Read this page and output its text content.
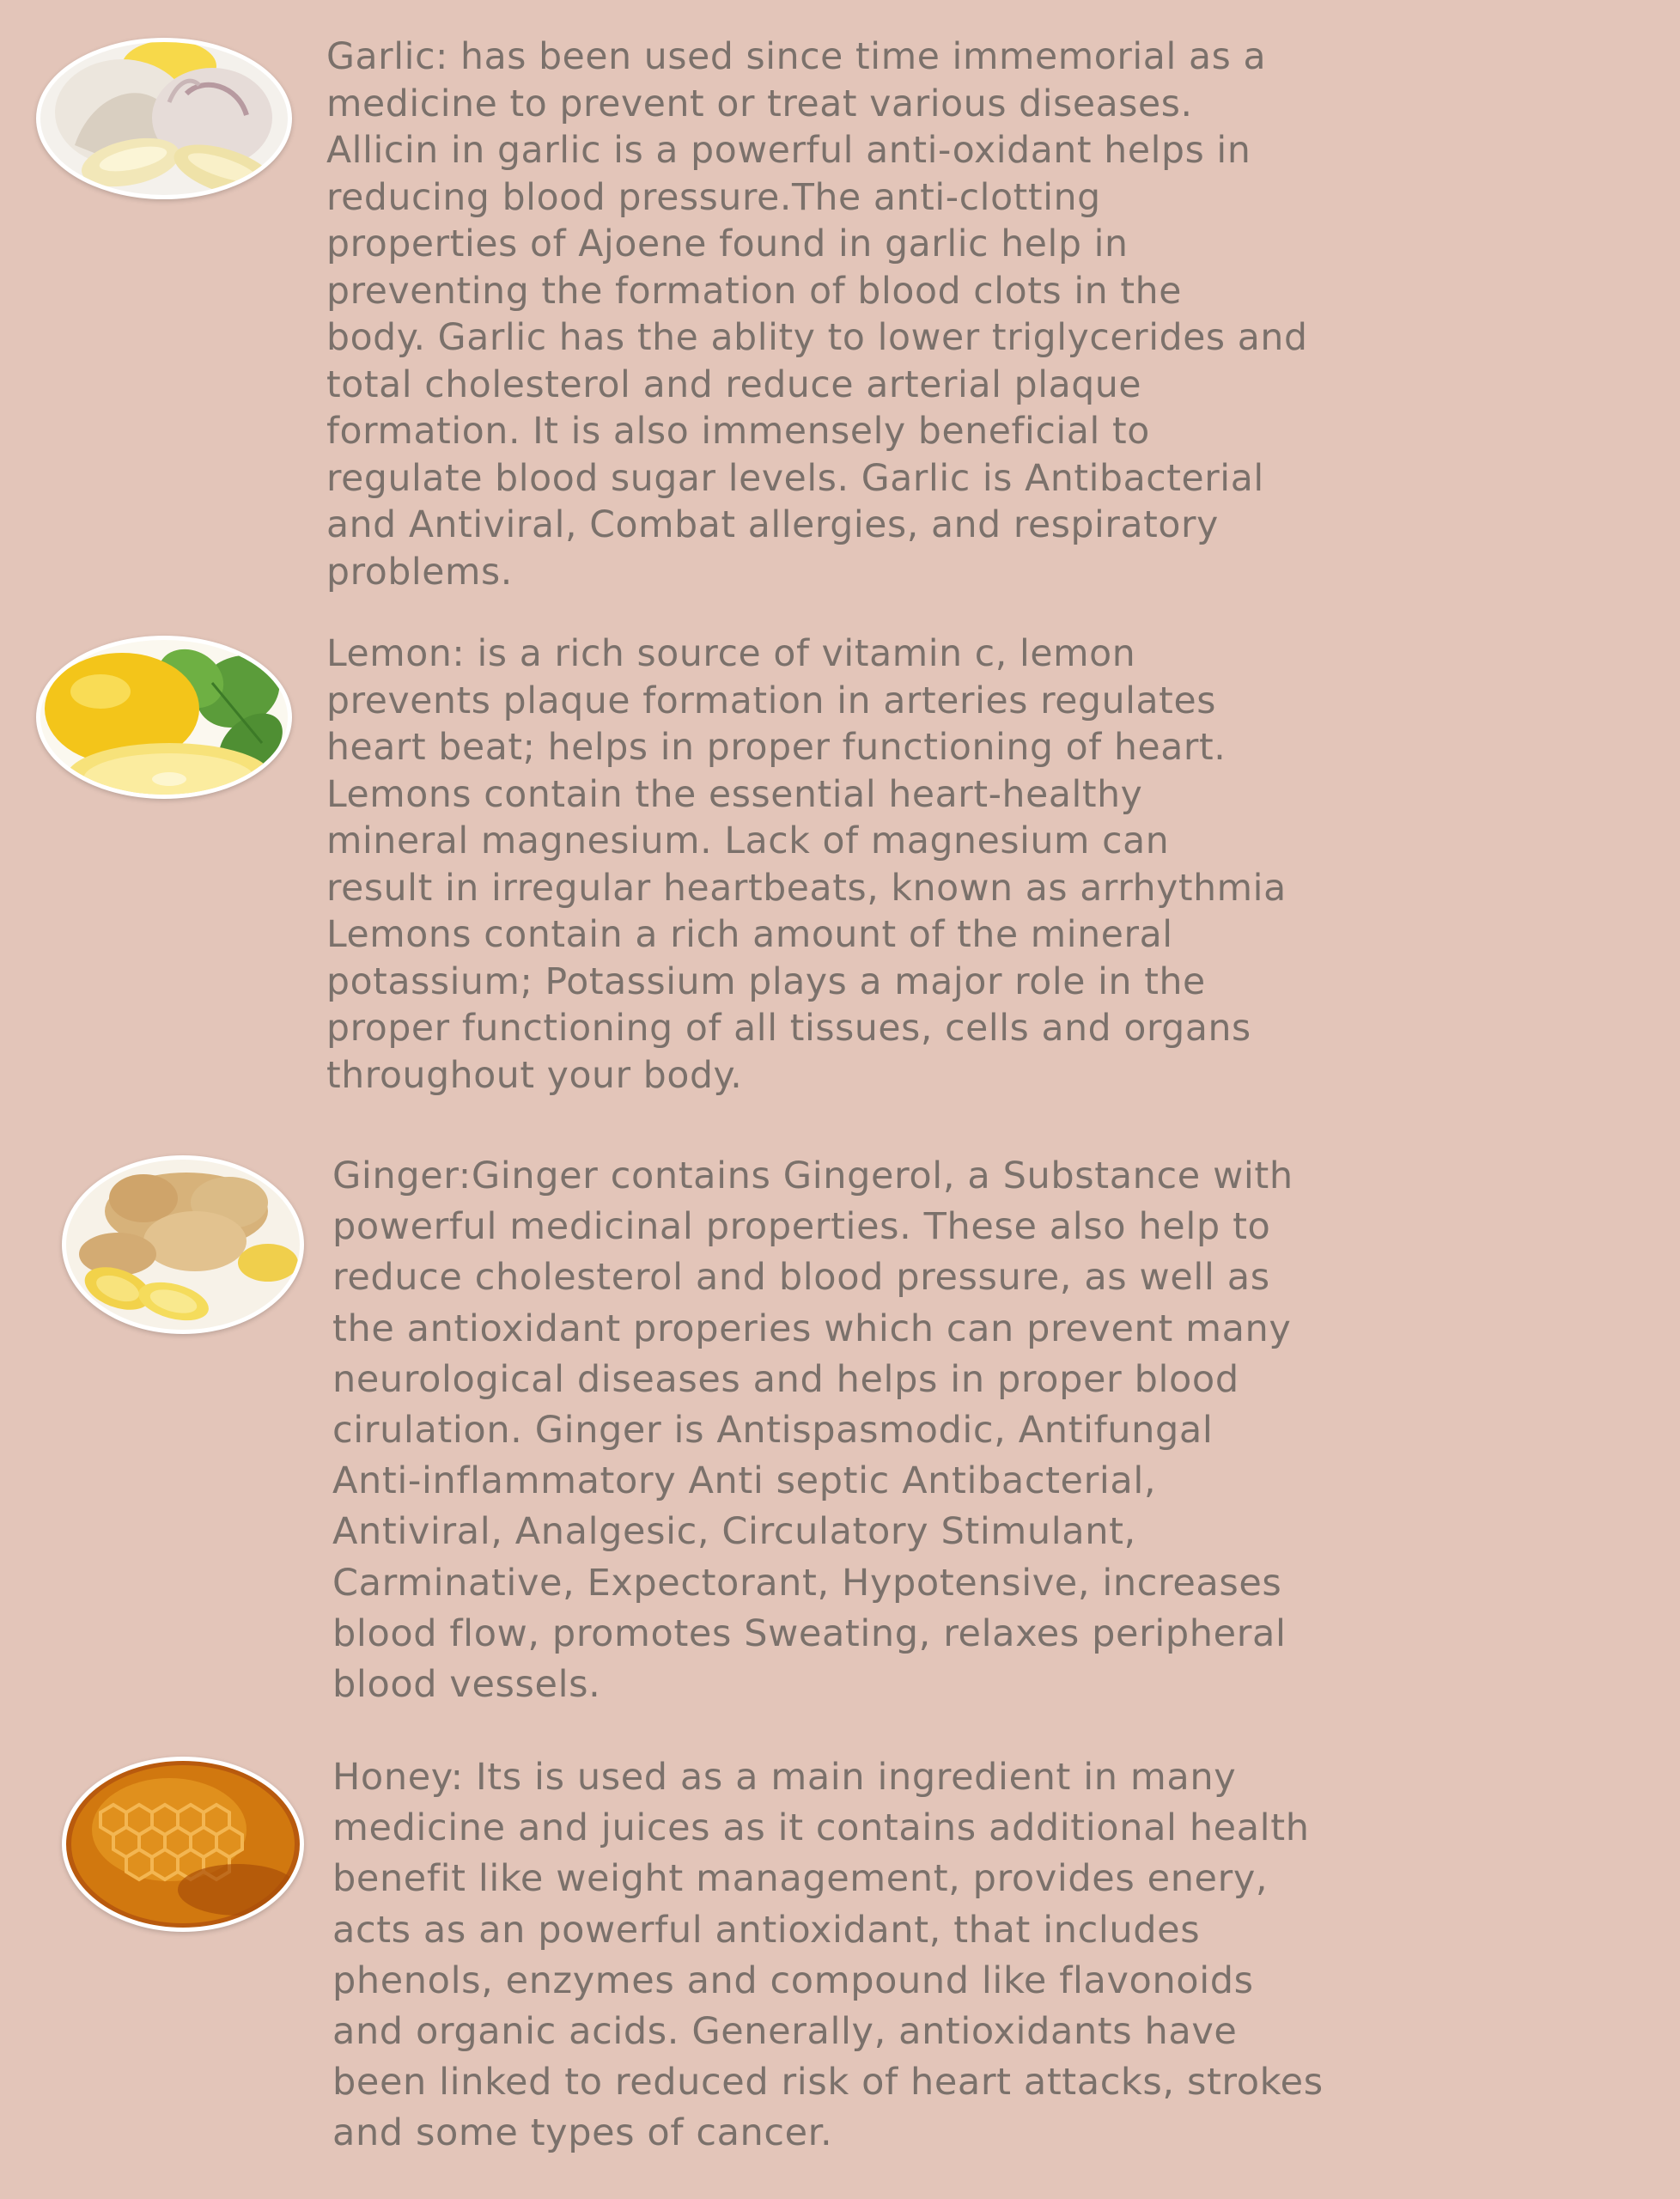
Garlic: has been used since time immemorial as a
medicine to prevent or treat various diseases.
Allicin in garlic is a powerful anti-oxidant helps in
reducing blood pressure.The anti-clotting
properties of Ajoene found in garlic help in
preventing the formation of blood clots in the
body. Garlic has the ablity to lower triglycerides and
total cholesterol and reduce arterial plaque
formation. It is also immensely beneficial to
regulate blood sugar levels. Garlic is Antibacterial
and Antiviral, Combat allergies, and respiratory
problems.

Lemon: is a rich source of vitamin c, lemon
prevents plaque formation in arteries regulates
heart beat; helps in proper functioning of heart.
Lemons contain the essential heart-healthy
mineral magnesium. Lack of magnesium can
result in irregular heartbeats, known as arrhythmia
Lemons contain a rich amount of the mineral
potassium; Potassium plays a major role in the
proper functioning of all tissues, cells and organs
throughout your body.

Ginger:Ginger contains Gingerol, a Substance with
powerful medicinal properties. These also help to
reduce cholesterol and blood pressure, as well as
the antioxidant properies which can prevent many
neurological diseases and helps in proper blood
cirulation. Ginger is Antispasmodic, Antifungal
Anti-inflammatory Anti septic Antibacterial,
Antiviral, Analgesic, Circulatory Stimulant,
Carminative, Expectorant, Hypotensive, increases
blood flow, promotes Sweating, relaxes peripheral
blood vessels.

Honey: Its is used as a main ingredient in many
medicine and juices as it contains additional health
benefit like weight management, provides enery,
acts as an powerful antioxidant, that includes
phenols, enzymes and compound like flavonoids
and organic acids. Generally, antioxidants have
been linked to reduced risk of heart attacks, strokes
and some types of cancer.
